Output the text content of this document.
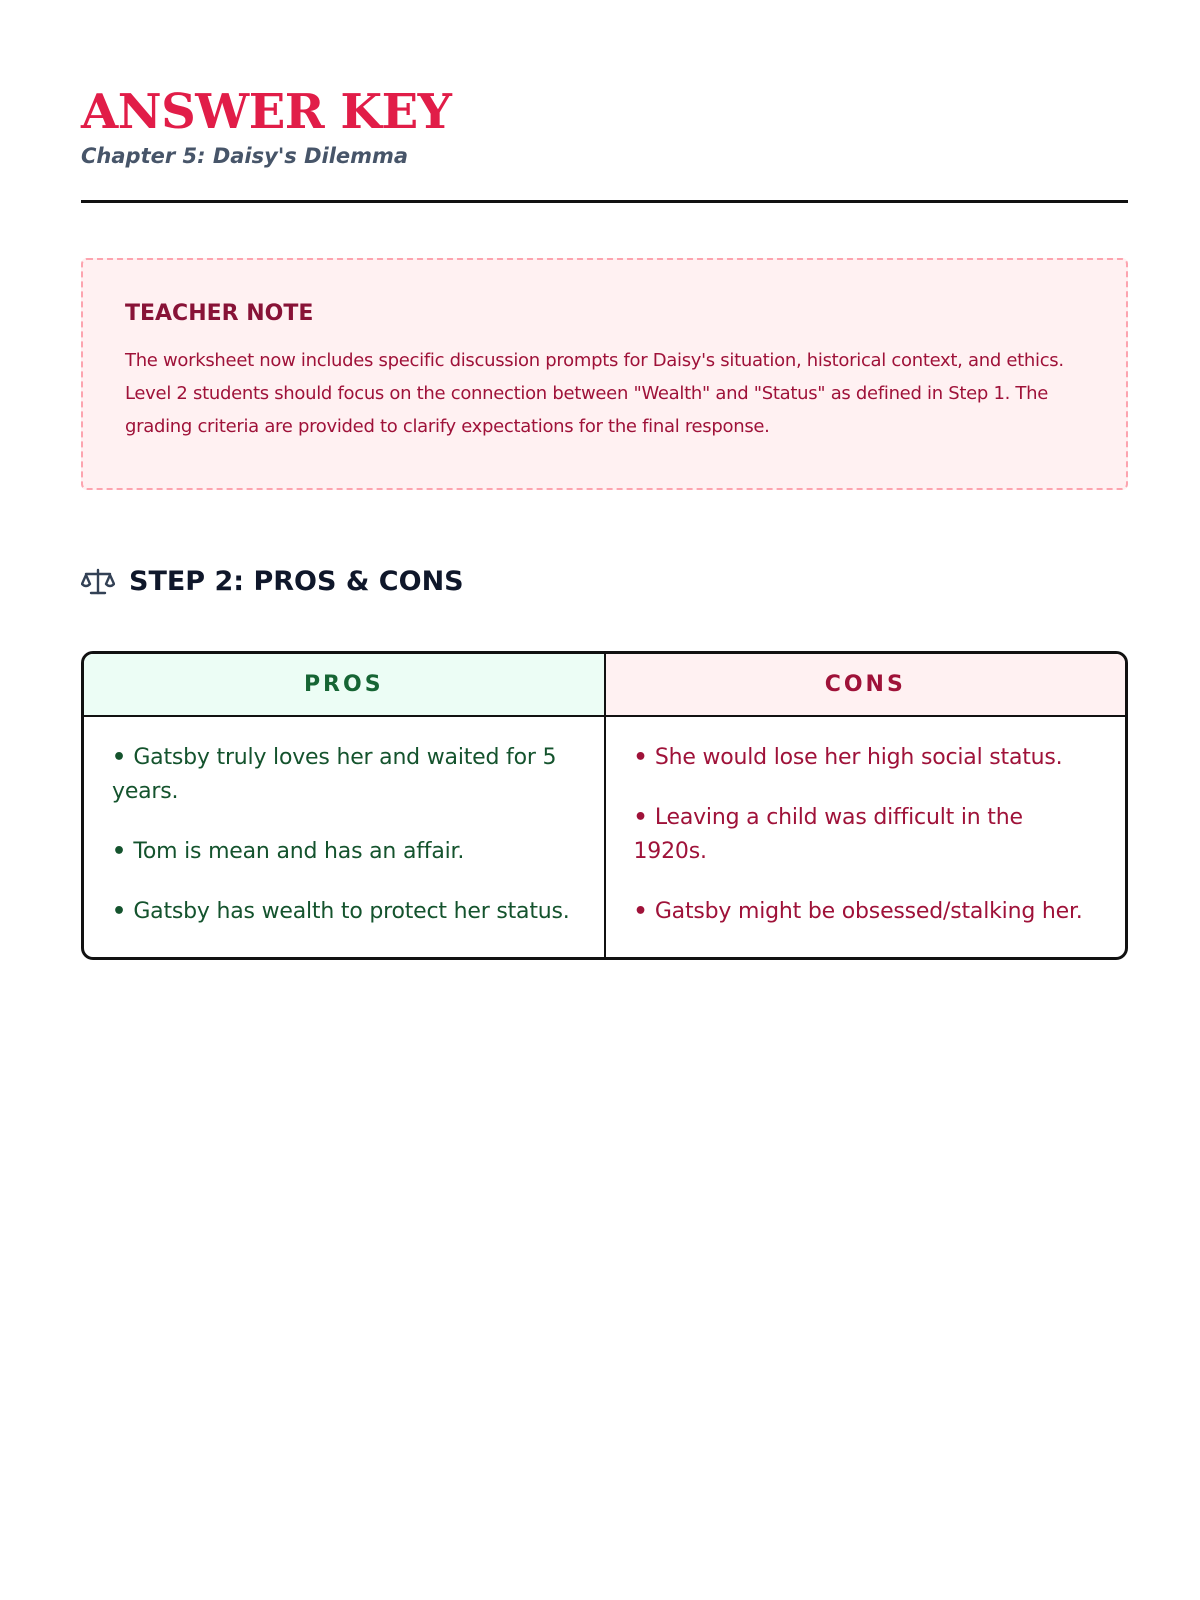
ANSWER KEY
Chapter 5: Daisy's Dilemma
TEACHER NOTE
The worksheet now includes specific discussion prompts for Daisy's situation, historical context, and ethics. Level 2 students should focus on the connection between "Wealth" and "Status" as defined in Step 1. The grading criteria are provided to clarify expectations for the final response.
STEP 2: PROS & CONS
PROS	CONS
• Gatsby truly loves her and waited for 5 years.
• Tom is mean and has an affair.
• Gatsby has wealth to protect her status.
• She would lose her high social status.
• Leaving a child was difficult in the 1920s.
• Gatsby might be obsessed/stalking her.
